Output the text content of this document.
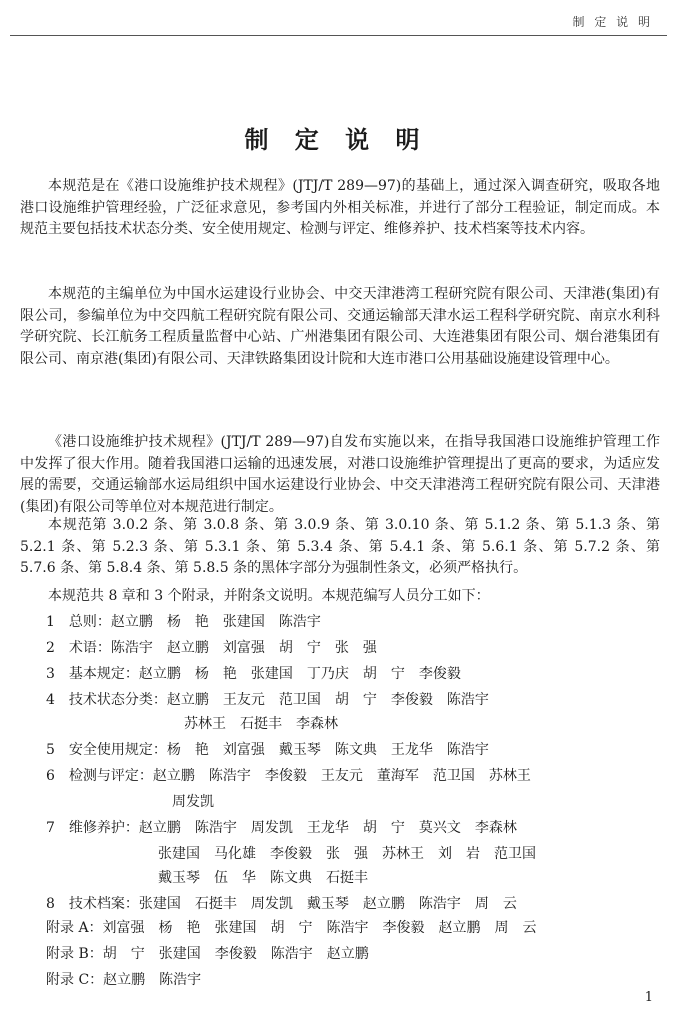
制 定 说 明
制 定 说 明

本规范是在《港口设施维护技术规程》(JTJ/T 289—97)的基础上，通过深入调查研究，吸取各地港口设施维护管理经验，广泛征求意见，参考国内外相关标准，并进行了部分工程验证，制定而成。本规范主要包括技术状态分类、安全使用规定、检测与评定、维修养护、技术档案等技术内容。

本规范的主编单位为中国水运建设行业协会、中交天津港湾工程研究院有限公司、天津港(集团)有限公司，参编单位为中交四航工程研究院有限公司、交通运输部天津水运工程科学研究院、南京水利科学研究院、长江航务工程质量监督中心站、广州港集团有限公司、大连港集团有限公司、烟台港集团有限公司、南京港(集团)有限公司、天津铁路集团设计院和大连市港口公用基础设施建设管理中心。

《港口设施维护技术规程》(JTJ/T 289—97)自发布实施以来，在指导我国港口设施维护管理工作中发挥了很大作用。随着我国港口运输的迅速发展，对港口设施维护管理提出了更高的要求，为适应发展的需要，交通运输部水运局组织中国水运建设行业协会、中交天津港湾工程研究院有限公司、天津港(集团)有限公司等单位对本规范进行制定。

本规范第 3.0.2 条、第 3.0.8 条、第 3.0.9 条、第 3.0.10 条、第 5.1.2 条、第 5.1.3 条、第 5.2.1 条、第 5.2.3 条、第 5.3.1 条、第 5.3.4 条、第 5.4.1 条、第 5.6.1 条、第 5.7.2 条、第 5.7.6 条、第 5.8.4 条、第 5.8.5 条的黑体字部分为强制性条文，必须严格执行。

本规范共 8 章和 3 个附录，并附条文说明。本规范编写人员分工如下：

1　总则：赵立鹏　杨　艳　张建国　陈浩宇
2　术语：陈浩宇　赵立鹏　刘富强　胡　宁　张　强
3　基本规定：赵立鹏　杨　艳　张建国　丁乃庆　胡　宁　李俊毅
4　技术状态分类：赵立鹏　王友元　范卫国　胡　宁　李俊毅　陈浩宇
苏林王　石挺丰　李森林
5　安全使用规定：杨　艳　刘富强　戴玉琴　陈文典　王龙华　陈浩宇
6　检测与评定：赵立鹏　陈浩宇　李俊毅　王友元　董海军　范卫国　苏林王
周发凯
7　维修养护：赵立鹏　陈浩宇　周发凯　王龙华　胡　宁　莫兴文　李森林
张建国　马化雄　李俊毅　张　强　苏林王　刘　岩　范卫国
戴玉琴　伍　华　陈文典　石挺丰
8　技术档案：张建国　石挺丰　周发凯　戴玉琴　赵立鹏　陈浩宇　周　云
附录 A：刘富强　杨　艳　张建国　胡　宁　陈浩宇　李俊毅　赵立鹏　周　云
附录 B：胡　宁　张建国　李俊毅　陈浩宇　赵立鹏
附录 C：赵立鹏　陈浩宇
1
